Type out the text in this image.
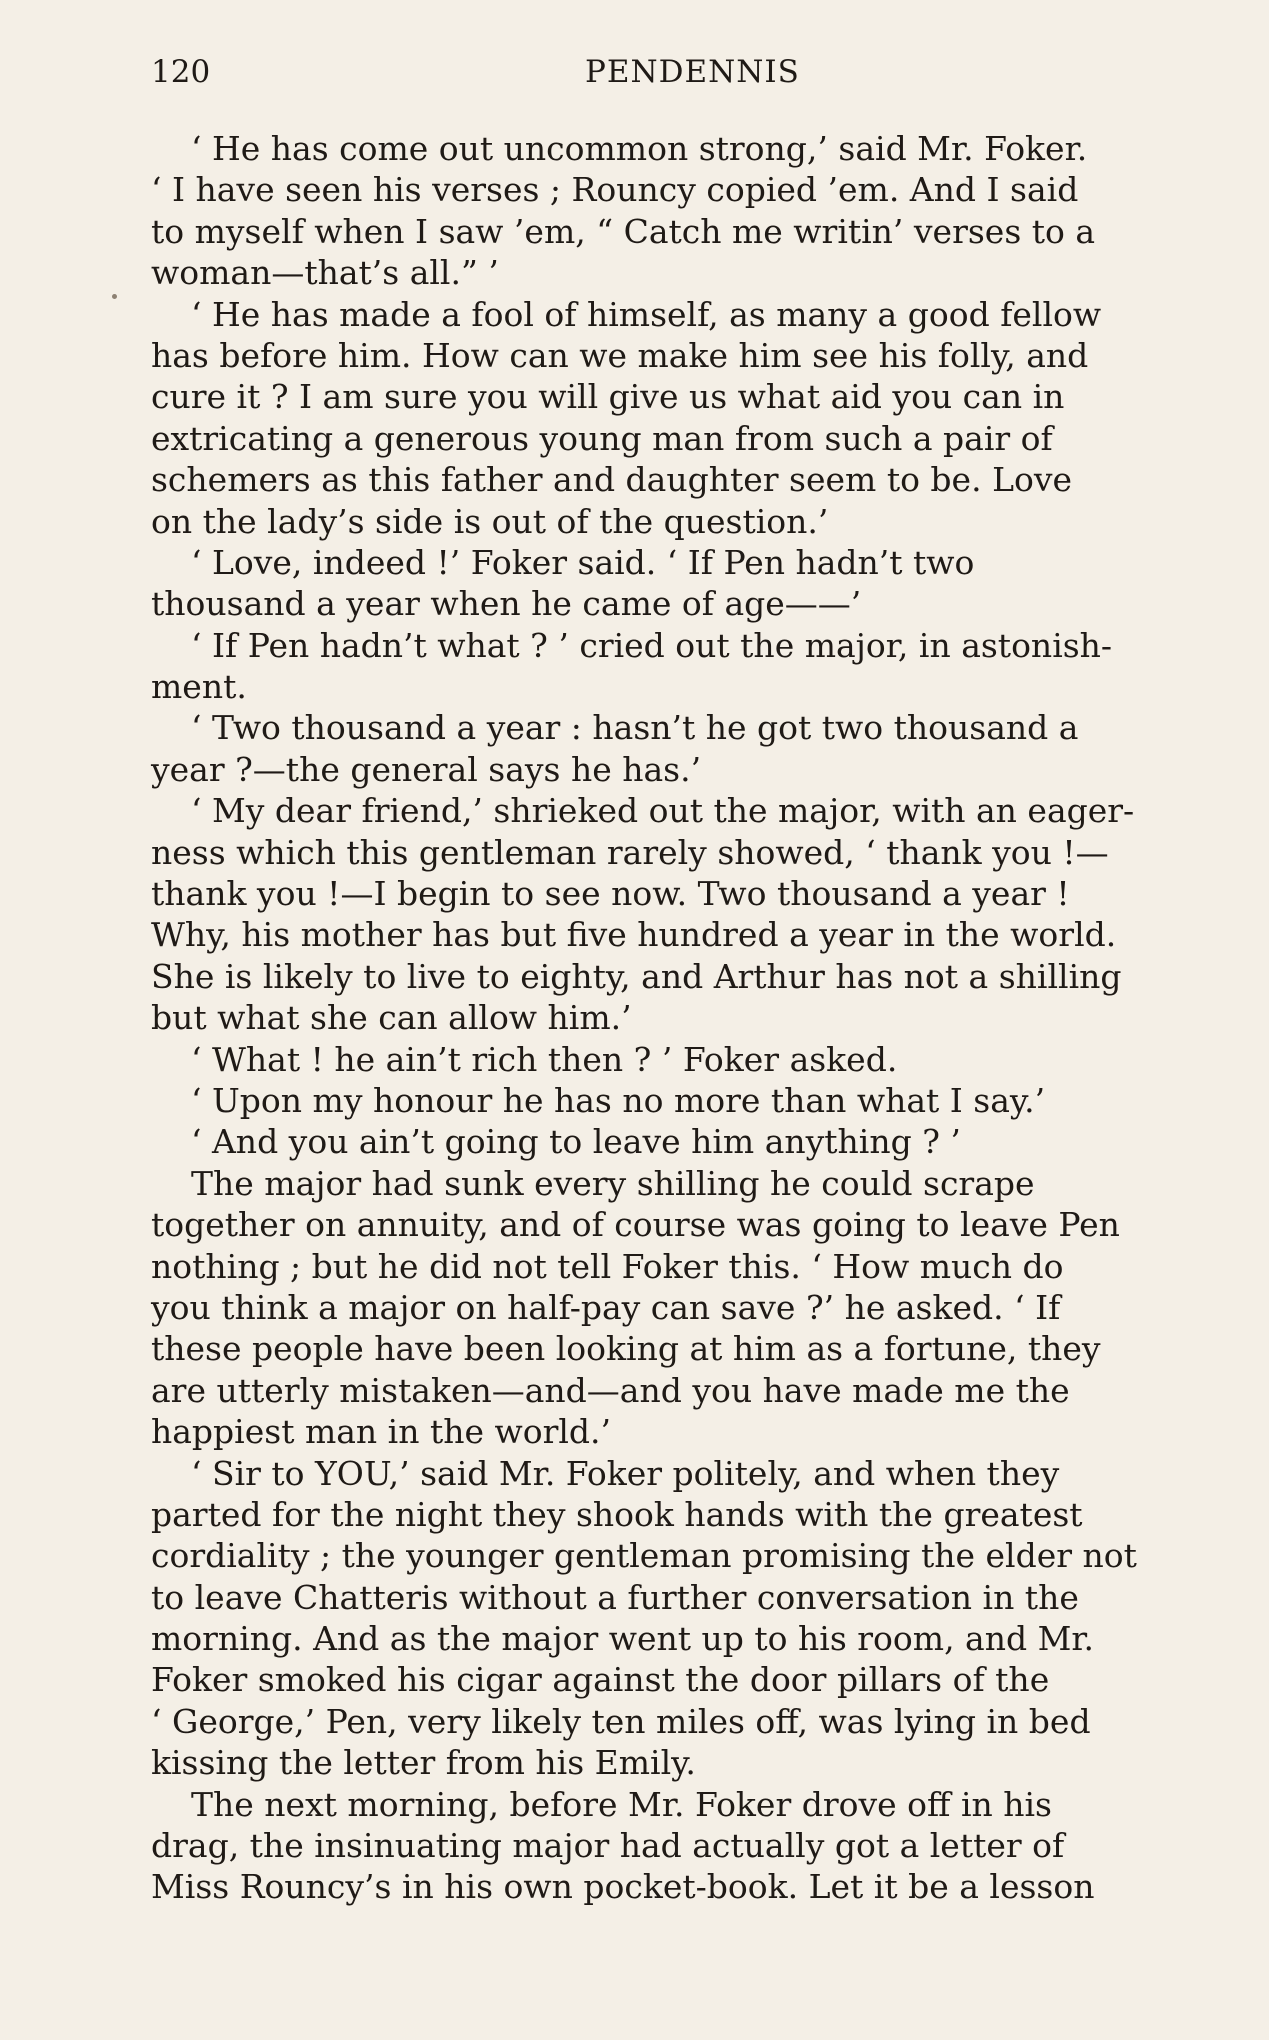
120	PENDENNIS
‘ He has come out uncommon strong,’ said Mr. Foker.
‘ I have seen his verses ; Rouncy copied ’em. And I said
to myself when I saw ’em, “ Catch me writin’ verses to a
woman—that’s all.” ’
‘ He has made a fool of himself, as many a good fellow
has before him. How can we make him see his folly, and
cure it ? I am sure you will give us what aid you can in
extricating a generous young man from such a pair of
schemers as this father and daughter seem to be. Love
on the lady’s side is out of the question.’
‘ Love, indeed !’ Foker said. ‘ If Pen hadn’t two
thousand a year when he came of age——’
‘ If Pen hadn’t what ? ’ cried out the major, in astonish-
ment.
‘ Two thousand a year : hasn’t he got two thousand a
year ?—the general says he has.’
‘ My dear friend,’ shrieked out the major, with an eager-
ness which this gentleman rarely showed, ‘ thank you !—
thank you !—I begin to see now. Two thousand a year !
Why, his mother has but five hundred a year in the world.
She is likely to live to eighty, and Arthur has not a shilling
but what she can allow him.’
‘ What ! he ain’t rich then ? ’ Foker asked.
‘ Upon my honour he has no more than what I say.’
‘ And you ain’t going to leave him anything ? ’
The major had sunk every shilling he could scrape
together on annuity, and of course was going to leave Pen
nothing ; but he did not tell Foker this. ‘ How much do
you think a major on half-pay can save ?’ he asked. ‘ If
these people have been looking at him as a fortune, they
are utterly mistaken—and—and you have made me the
happiest man in the world.’
‘ Sir to YOU,’ said Mr. Foker politely, and when they
parted for the night they shook hands with the greatest
cordiality ; the younger gentleman promising the elder not
to leave Chatteris without a further conversation in the
morning. And as the major went up to his room, and Mr.
Foker smoked his cigar against the door pillars of the
‘ George,’ Pen, very likely ten miles off, was lying in bed
kissing the letter from his Emily.
The next morning, before Mr. Foker drove off in his
drag, the insinuating major had actually got a letter of
Miss Rouncy’s in his own pocket-book. Let it be a lesson
